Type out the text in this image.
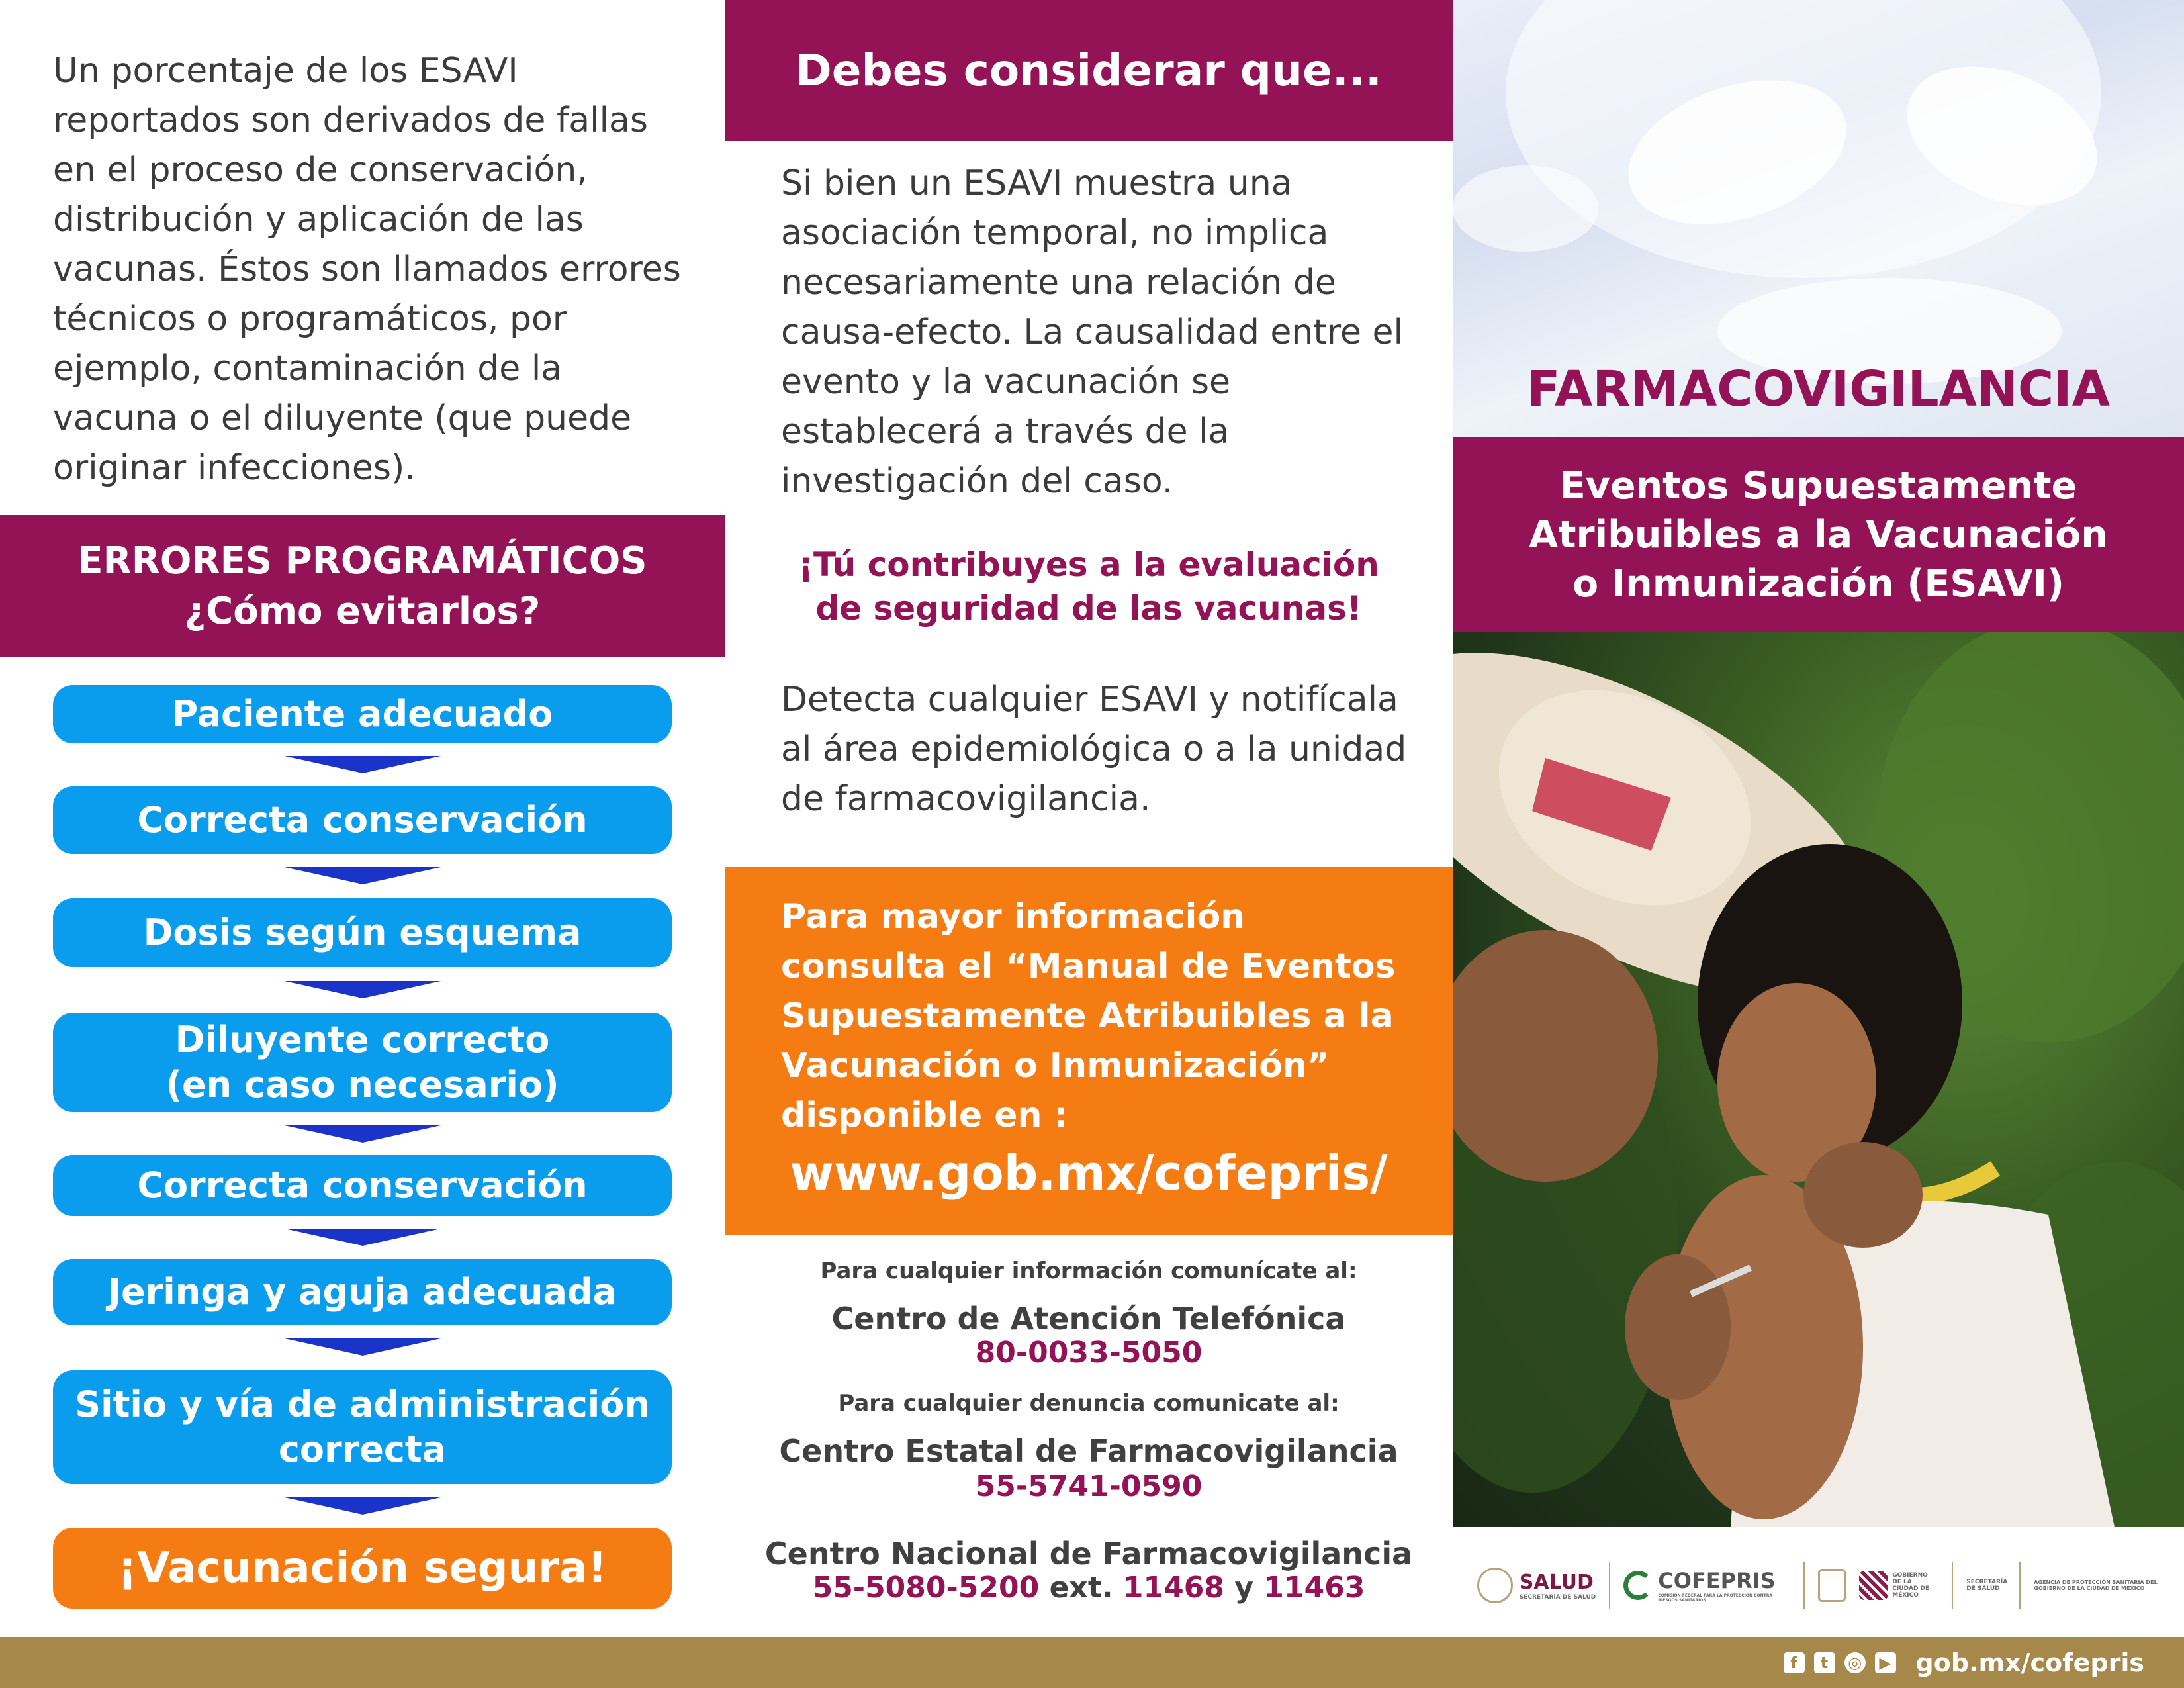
Un porcentaje de los ESAVI reportados son derivados de fallas en el proceso de conservación, distribución y aplicación de las vacunas. Éstos son llamados errores técnicos o programáticos, por ejemplo, contaminación de la vacuna o el diluyente (que puede originar infecciones).
ERRORES PROGRAMÁTICOS
¿Cómo evitarlos?
Paciente adecuado
Correcta conservación
Dosis según esquema
Diluyente correcto
(en caso necesario)
Correcta conservación
Jeringa y aguja adecuada
Sitio y vía de administración
correcta
¡Vacunación segura!
Debes considerar que...
Si bien un ESAVI muestra una asociación temporal, no implica necesariamente una relación de causa-efecto. La causalidad entre el evento y la vacunación se establecerá a través de la investigación del caso.
¡Tú contribuyes a la evaluación
de seguridad de las vacunas!
Detecta cualquier ESAVI y notifícala al área epidemiológica o a la unidad de farmacovigilancia.
Para mayor información consulta el “Manual de Eventos Supuestamente Atribuibles a la Vacunación o Inmunización” disponible en :
www.gob.mx/cofepris/
Para cualquier información comunícate al:
Centro de Atención Telefónica
80-0033-5050
Para cualquier denuncia comunicate al:
Centro Estatal de Farmacovigilancia
55-5741-0590
Centro Nacional de Farmacovigilancia
55-5080-5200 ext. 11468 y 11463
FARMACOVIGILANCIA
Eventos Supuestamente
Atribuibles a la Vacunación
o Inmunización (ESAVI)
SALUD
SECRETARÍA DE SALUD
COFEPRIS
COMISIÓN FEDERAL PARA LA PROTECCIÓN CONTRA RIESGOS SANITARIOS
GOBIERNO DE LA CIUDAD DE MÉXICO
SECRETARÍA DE SALUD
AGENCIA DE PROTECCIÓN SANITARIA DEL GOBIERNO DE LA CIUDAD DE MÉXICO
f	t	◎ ▶ gob.mx/cofepris
